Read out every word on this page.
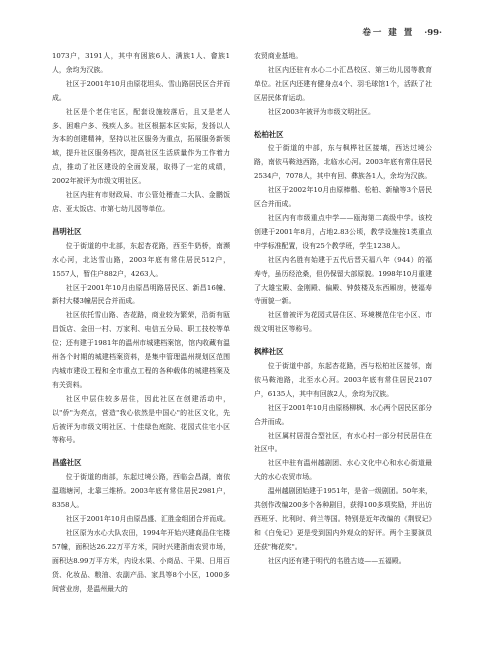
卷一 建 置 ·99·

1073户，3191人，其中有困族6人、满族1人、畲族1人，余均为汉族。

社区于2001年10月由原花坦头、雪山路居民区合并而成。

社区是个老住宅区，配套设施较落后，且又是老人多、困难户多、残疾人多。社区根据本区实际，发扬以人为本的创建精神，坚持以社区服务为重点，拓展服务新领域，提升社区服务档次，提高社区生活质量作为工作着力点，推动了社区建设的全面发展，取得了一定的成绩，2002年被评为市级文明社区。

社区内驻有市财政局、市公管处稽查二大队、金鹏饭店、亚太饭店、市第七幼儿园等单位。

昌明社区

位于街道的中北部，东起杏花路，西至牛奶桥，南濒水心河，北达雪山路，2003年底有常住居民512户，1557人，暂住户882户，4263人。

社区于2001年10月由原昌明路居民区、新昌16幢、新村大楼3幢居民合并而成。

社区依托雪山路、杏花路，商业较为繁荣，沿街有瓯昌饭店、金田一村、万家利、电信五分局、职工技校等单位；还有建于1981年的温州市城建档案馆，馆内收藏有温州各个时期的城建档案资料，是集中管理温州规划区范围内城市建设工程和全市重点工程的各种载体的城建档案及有关资料。

社区中层住较多居住，因此社区在创建活动中，以"侨"为亮点，营造"我心依然是中国心"的社区文化，先后被评为市级文明社区、十佳绿色庭院、花园式住宅小区等称号。

昌盛社区

位于街道的南部，东起过境公路，西临会昌湖，南依温瑞塘河，北靠三维桥。2003年底有常住居民2981户，8358人。

社区于2001年10月由原昌盛、汇胜金组团合并而成。

社区原为水心大队农田，1994年开始兴建商品住宅楼57幢，面积达26.22万平方米，同时兴建浙南农贸市场，面积达8.99万平方米，内设水果、小商品、干果、日用百货、化妆品、粮油、农副产品、家具等8个小区，1000多间营业房，是温州最大的

农贸商业基地。

社区内还驻有水心二小汇昌校区、第三幼儿园等教育单位。社区内还建有健身点4个、羽毛球馆1个，活跃了社区居民体育运动。

社区2003年被评为市级文明社区。

松柏社区

位于街道的中部，东与枫桦社区接壤，西达过境公路，南依马鞍池西路，北临水心河。2003年底有常住居民2534户，7078人，其中有回、彝族各1人，余均为汉族。

社区于2002年10月由原棒楷、松柏、新榆等3个居民区合并而成。

社区内有市级重点中学——瓯海第二高级中学。该校创建于2001年8月，占地2.83公顷，教学设施按1类重点中学标准配置，设有25个教学班，学生1238人。

社区内名胜有始建于五代后晋天福八年（944）的福寿寺，虽历经沧桑，但仍保留大部原貌。1998年10月重建了大雄宝殿、金刚殿、偏殿、钟鼓楼及东西厢房，使福寿寺面貌一新。

社区曾被评为花园式居住区、环境模范住宅小区、市级文明社区等称号。

枫桦社区

位于街道中部，东起杏花路，西与松柏社区接邻，南依马鞍池路，北至水心河。2003年底有常住居民2107户，6135人，其中有回族2人，余均为汉族。

社区于2001年10月由原杨柳枫、水心两个居民区部分合并而成。

社区属村居混合型社区，有水心村一部分村民居住在社区中。

社区中驻有温州越剧团、水心文化中心和水心街道最大的水心农贸市场。

温州越剧团始建于1951年，是省一级剧团。50年来，共创作改编200多个各种剧目，获得100多项奖励，并出访西班牙、比利时、荷兰等国。特别是近年改编的《荆钗记》和《白兔记》更是受到国内外观众的好评。两个主要演员还获"梅花奖"。

社区内还有建于明代的名胜古迹——五福殿。
